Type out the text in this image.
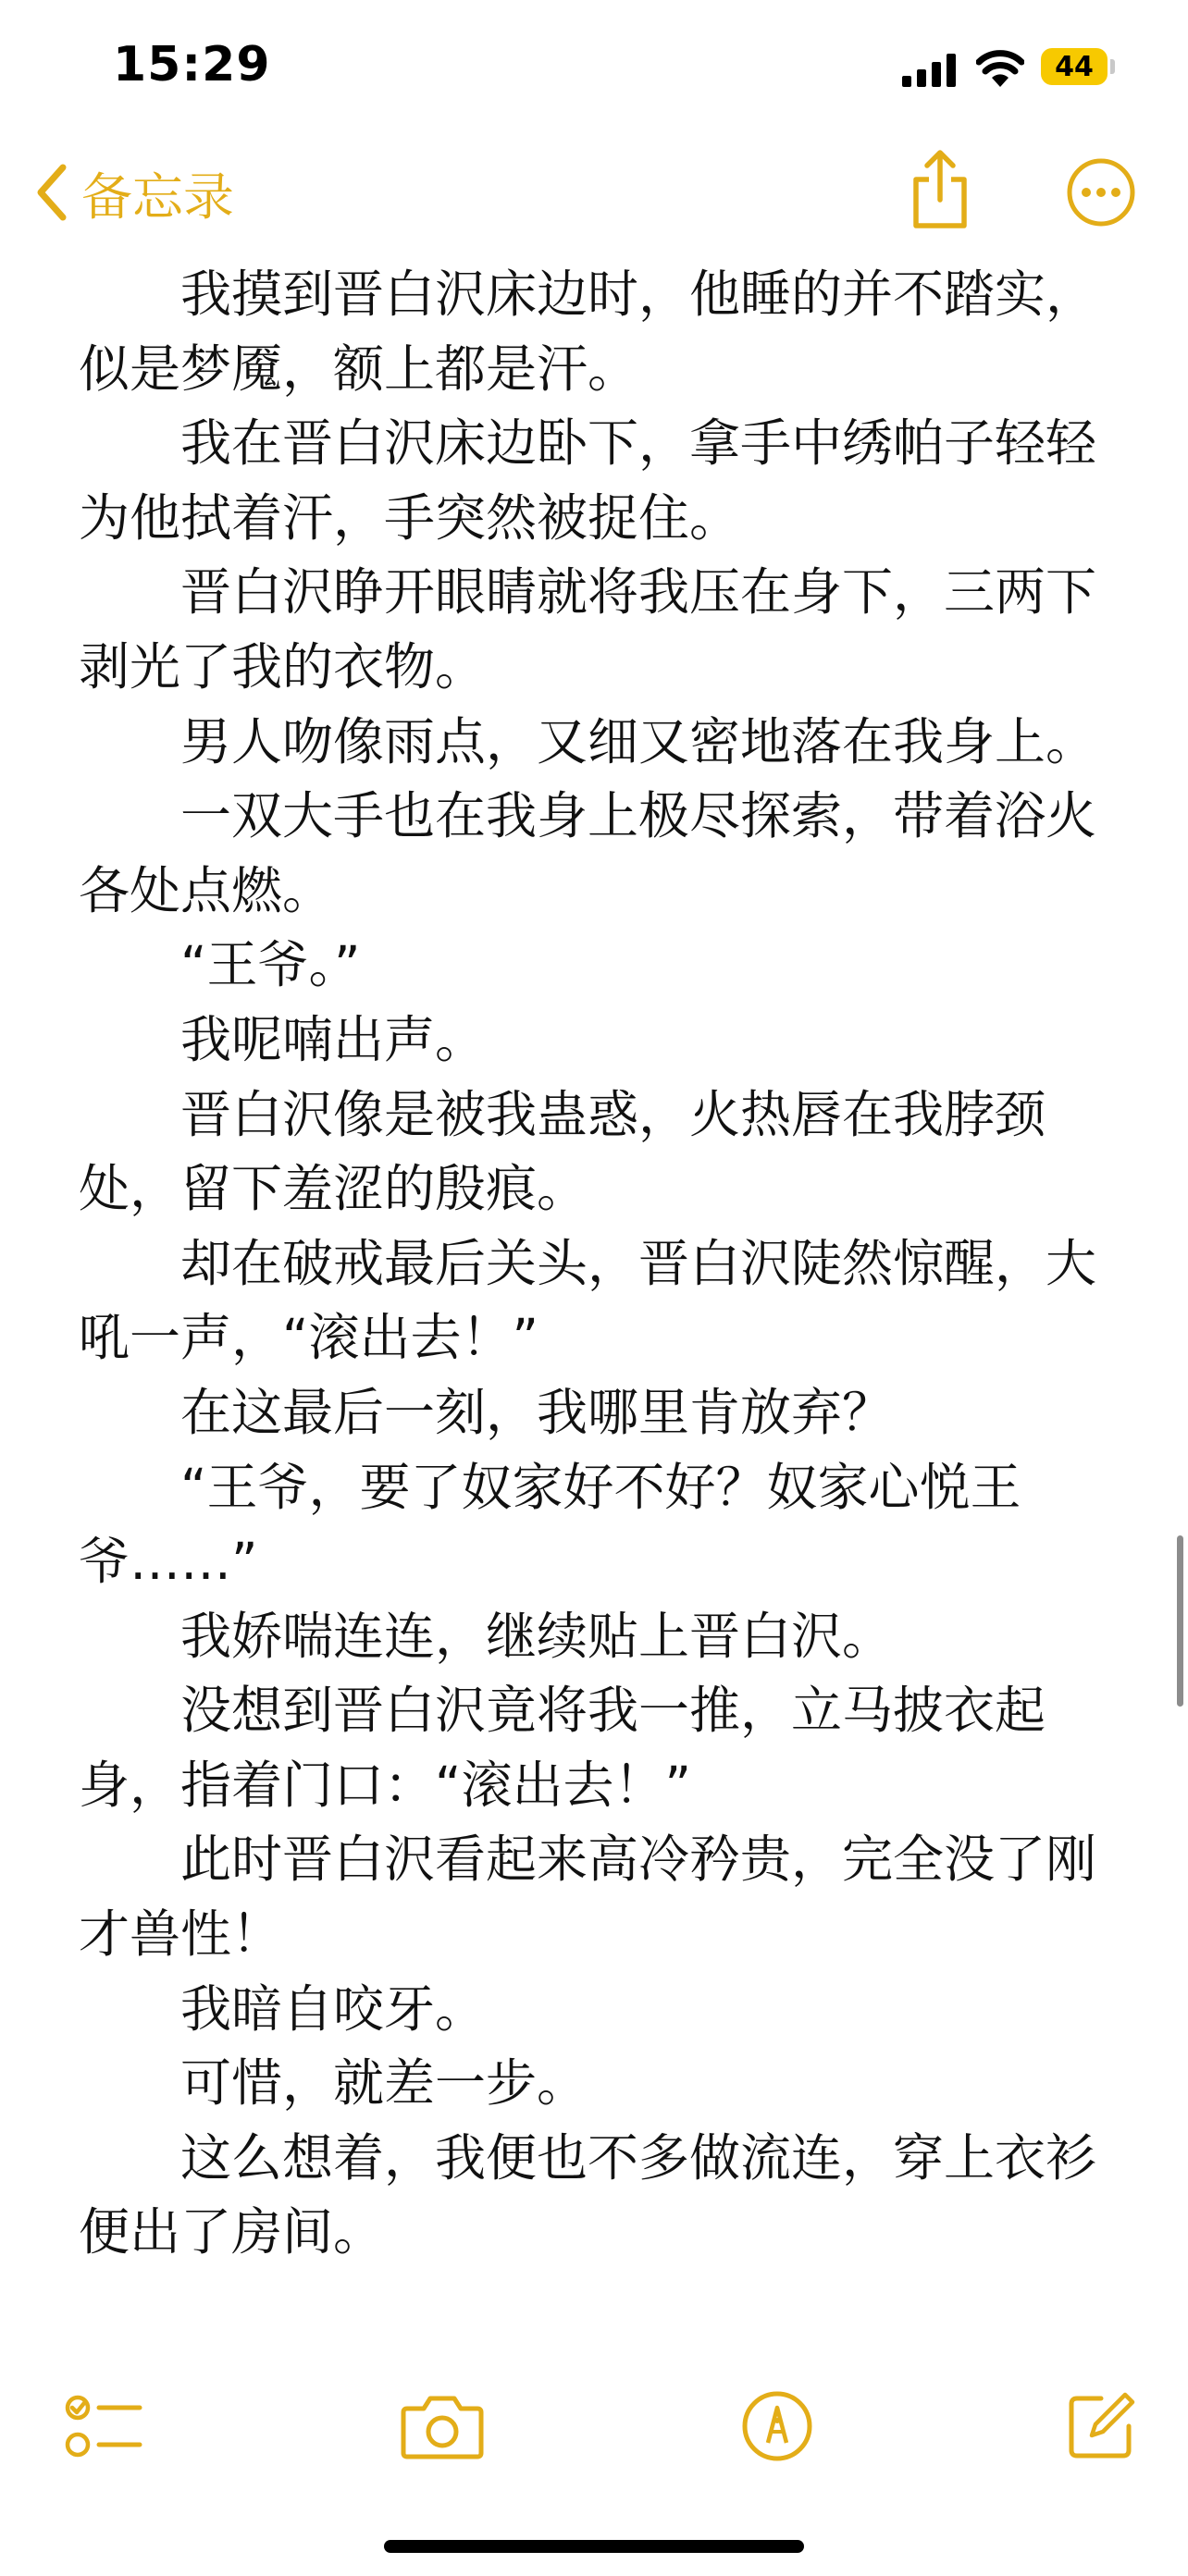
15:29	44
备忘录

我摸到晋白沢床边时，他睡的并不踏实，似是梦魇，额上都是汗。

我在晋白沢床边卧下，拿手中绣帕子轻轻为他拭着汗，手突然被捉住。

晋白沢睁开眼睛就将我压在身下，三两下剥光了我的衣物。

男人吻像雨点，又细又密地落在我身上。

一双大手也在我身上极尽探索，带着浴火各处点燃。

“王爷。”

我呢喃出声。

晋白沢像是被我蛊惑，火热唇在我脖颈处，留下羞涩的殷痕。

却在破戒最后关头，晋白沢陡然惊醒，大吼一声，“滚出去！”

在这最后一刻，我哪里肯放弃？

“王爷，要了奴家好不好？奴家心悦王爷……”

我娇喘连连，继续贴上晋白沢。

没想到晋白沢竟将我一推，立马披衣起身，指着门口：“滚出去！”

此时晋白沢看起来高冷矜贵，完全没了刚才兽性！

我暗自咬牙。

可惜，就差一步。

这么想着，我便也不多做流连，穿上衣衫便出了房间。
